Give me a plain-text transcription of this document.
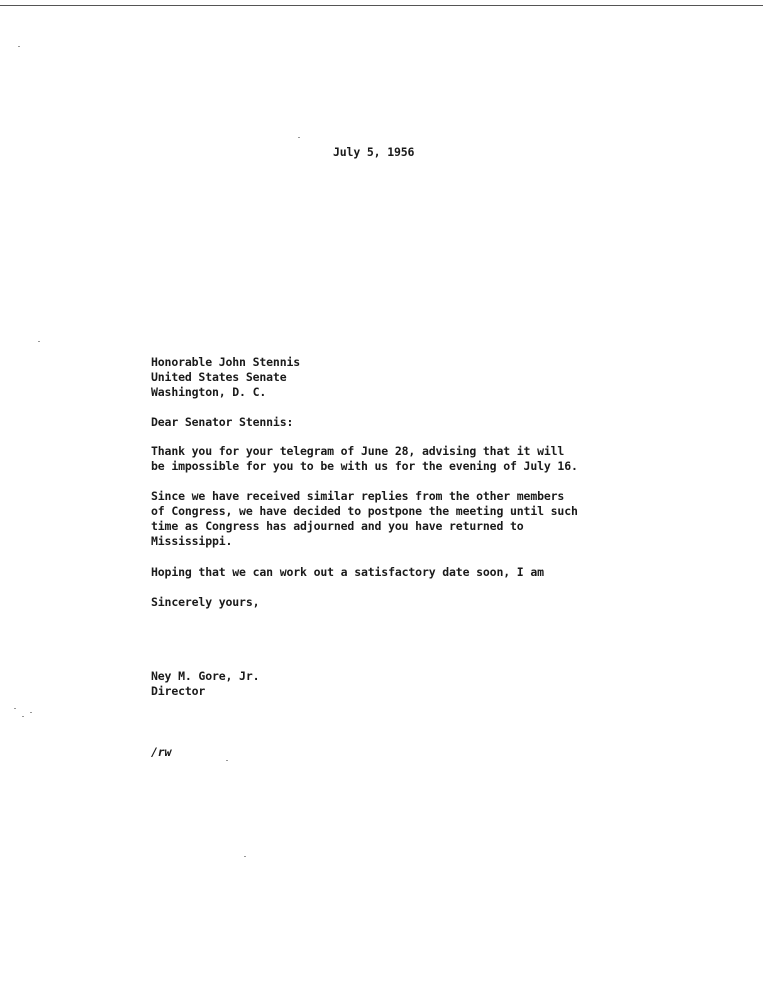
July 5, 1956
Honorable John Stennis
United States Senate
Washington, D. C.
Dear Senator Stennis:
Thank you for your telegram of June 28, advising that it will
be impossible for you to be with us for the evening of July 16.
Since we have received similar replies from the other members
of Congress, we have decided to postpone the meeting until such
time as Congress has adjourned and you have returned to
Mississippi.
Hoping that we can work out a satisfactory date soon, I am
Sincerely yours,
Ney M. Gore, Jr.
Director
/rw
